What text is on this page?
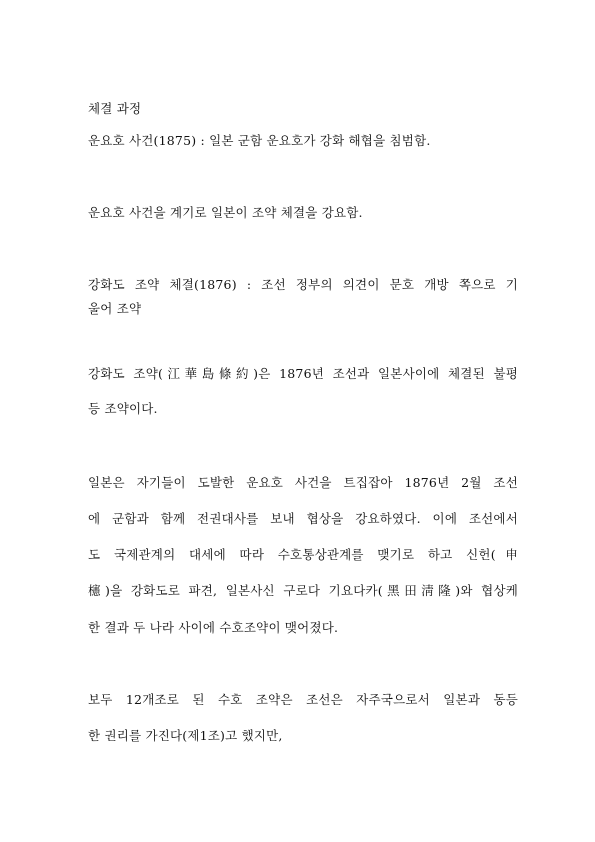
체결 과정
운요호 사건(1875) : 일본 군함 운요호가 강화 해협을 침범함.
운요호 사건을 계기로 일본이 조약 체결을 강요함.
강화도 조약 체결(1876) : 조선 정부의 의견이 문호 개방 쪽으로 기
울어 조약
강화도 조약(江華島條約)은 1876년 조선과 일본사이에 체결된 불평
등 조약이다.
일본은 자기들이 도발한 운요호 사건을 트집잡아 1876년 2월 조선
에 군함과 함께 전권대사를 보내 협상을 강요하였다. 이에 조선에서
도 국제관계의 대세에 따라 수호통상관계를 맺기로 하고 신헌(申
櫶)을 강화도로 파견, 일본사신 구로다 기요다카(黑田淸隆)와 협상케
한 결과 두 나라 사이에 수호조약이 맺어졌다.
보두 12개조로 된 수호 조약은 조선은 자주국으로서 일본과 동등
한 권리를 가진다(제1조)고 했지만,
